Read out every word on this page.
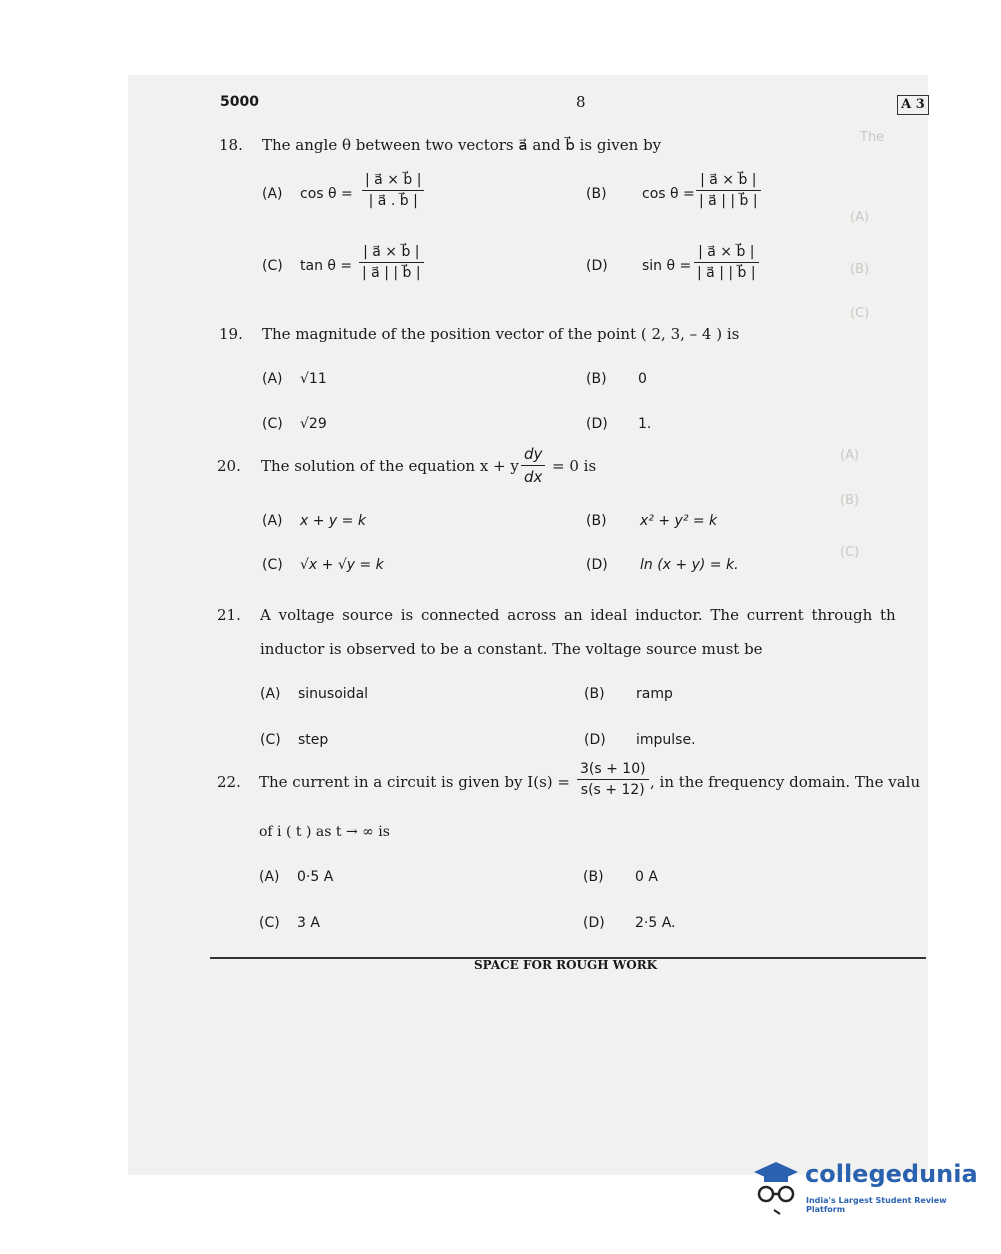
The
(A)
(B)
(C)
(A)
(B)
(C)
5000	8	A 3
18. The angle θ between two vectors a⃗ and b⃗ is given by
(A) cos θ =
| a⃗ × b⃗ |
| a⃗ . b⃗ |	(B)	cos θ =
| a⃗ × b⃗ |
| a⃗ | | b⃗ |
(C) tan θ =
| a⃗ × b⃗ |
| a⃗ | | b⃗ |	(D) sin θ =
| a⃗ × b⃗ |
| a⃗ | | b⃗ |
19. The magnitude of the position vector of the point ( 2, 3, – 4 ) is
(A) √11	(B) 0
(C) √29	(D) 1.
20. The solution of the equation x + y
dy
dx
= 0 is
(A) x + y = k	(B) x² + y² = k
(C) √x + √y = k	(D) ln (x + y) = k.
21. A voltage source is connected across an ideal inductor. The current through th
inductor is observed to be a constant. The voltage source must be
(A) sinusoidal	(B) ramp
(C) step	(D) impulse.
22. The current in a circuit is given by I(s) =
3(s + 10)
s(s + 12) , in the frequency domain. The valu
of i ( t ) as t → ∞ is
(A) 0·5 A	(B) 0 A
(C) 3 A	(D) 2·5 A.
SPACE FOR ROUGH WORK
collegedunia
India's Largest Student Review Platform
